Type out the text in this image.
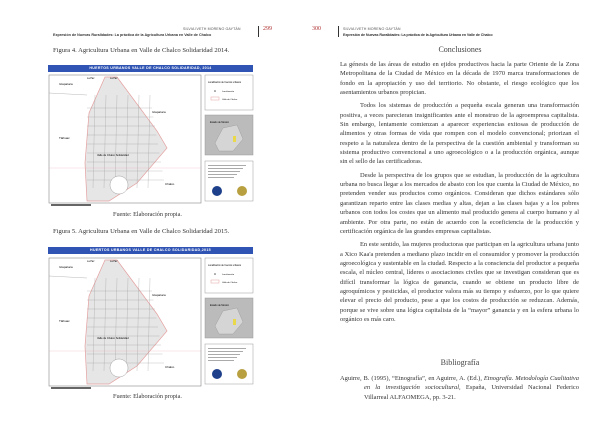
SILVIA IVETH MORENO GAYTÁN
Expresión de Nuevas Ruralidades: La práctica de la Agricultura Urbana en Valle de Chalco
299
Figura 4. Agricultura Urbana en Valle de Chalco Solidaridad 2014.
HUERTOS URBANOS VALLE DE CHALCO SOLIDARIDAD, 2014
Ixtapaluca
Ixtapaluca
Tláhuac
Valle de Chalco Solidaridad
Chalco
La Paz	La Paz
Localización de huertos urbanos
Localización
Valle de Chalco
Estado de México
Fuente: Elaboración propia.
Figura 5. Agricultura Urbana en Valle de Chalco Solidaridad 2015.
HUERTOS URBANOS VALLE DE CHALCO SOLIDARIDAD,2015
Ixtapaluca
Ixtapaluca
Tláhuac
Valle de Chalco Solidaridad
Chalco
La Paz	La Paz
Localización de huertos urbanos
Localización
Valle de Chalco
Estado de México
Fuente: Elaboración propia.
300	SILVIA IVETH MORENO GAYTÁN
Expresión de Nuevas Ruralidades: La práctica de la Agricultura Urbana en Valle de Chalco
Conclusiones

La génesis de las áreas de estudio en ejidos productivos hacia la parte Oriente de la Zona Metropolitana de la Ciudad de México en la década de 1970 marca transformaciones de fondo en la apropiación y uso del territorio. No obstante, el riesgo ecológico que los asentamientos urbanos propician.

Todos los sistemas de producción a pequeña escala generan una transformación positiva, a veces parecieran insignificantes ante el monstruo de la agroempresa capitalista. Sin embargo, lentamente comienzan a aparecer experiencias exitosas de producción de alimentos y otras formas de vida que rompen con el modelo convencional; priorizan el respeto a la naturaleza dentro de la perspectiva de la cuestión ambiental y transforman su sistema productivo convencional a uno agroecológico o a la producción orgánica, aunque sin el sello de las certificadoras.

Desde la perspectiva de los grupos que se estudian, la producción de la agricultura urbana no busca llegar a los mercados de abasto con los que cuenta la Ciudad de México, no pretenden vender sus productos como orgánicos. Consideran que dichos estándares sólo garantizan reparto entre las clases medias y altas, dejan a las clases bajas y a los pobres urbanos con todos los costes que un alimento mal producido genera al cuerpo humano y al ambiente. Por otra parte, no están de acuerdo con la ecoeficiencia de la producción y certificación orgánica de las grandes empresas capitalistas.

En este sentido, las mujeres productoras que participan en la agricultura urbana junto a Xico Kaa'a pretenden a mediano plazo incidir en el consumidor y promover la producción agroecológica y sustentable en la ciudad. Respecto a la consciencia del productor a pequeña escala, el núcleo central, líderes o asociaciones civiles que se investigan consideran que es difícil transformar la lógica de ganancia, cuando se obtiene un producto libre de agroquímicos y pesticidas, el productor valora más su tiempo y esfuerzo, por lo que quiere elevar el precio del producto, pese a que los costos de producción se reduzcan. Además, porque se vive sobre una lógica capitalista de la “mayor” ganancia y en la esfera urbana lo orgánico es más caro.

Bibliografía
Aguirre, B. (1995), “Etnografía”, en Aguirre, A. (Ed.), Etnografía. Metodología Cualitativa en la investigación sociocultural, España, Universidad Nacional Federico Villarreal ALFAOMEGA, pp. 3-21.
